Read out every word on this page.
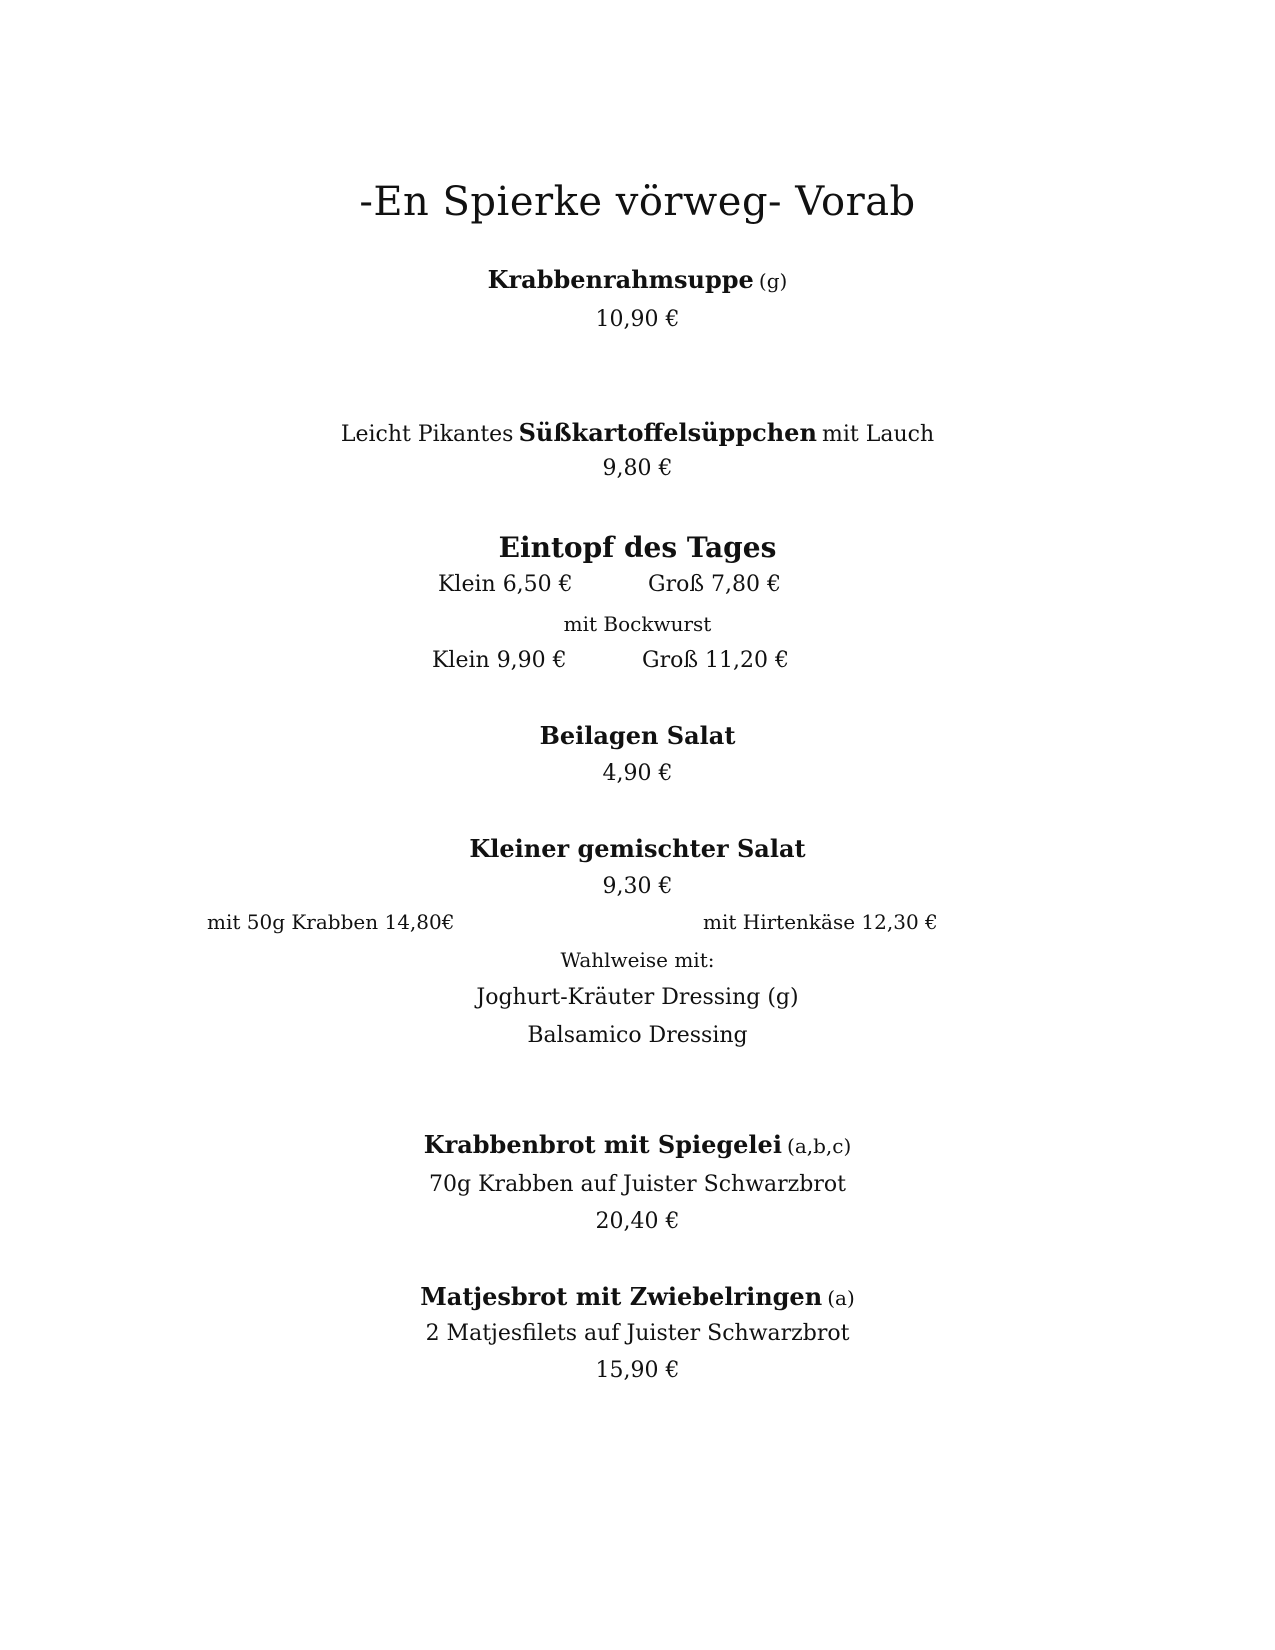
-En Spierke vörweg- Vorab
Krabbenrahmsuppe (g)
10,90 €
Leicht Pikantes Süßkartoffelsüppchen mit Lauch
9,80 €
Eintopf des Tages
Klein 6,50 €	Groß 7,80 €
mit Bockwurst
Klein 9,90 €	Groß 11,20 €
Beilagen Salat
4,90 €
Kleiner gemischter Salat
9,30 €
mit 50g Krabben 14,80€	mit Hirtenkäse 12,30 €
Wahlweise mit:
Joghurt-Kräuter Dressing (g)
Balsamico Dressing
Krabbenbrot mit Spiegelei (a,b,c)
70g Krabben auf Juister Schwarzbrot
20,40 €
Matjesbrot mit Zwiebelringen (a)
2 Matjesfilets auf Juister Schwarzbrot
15,90 €
